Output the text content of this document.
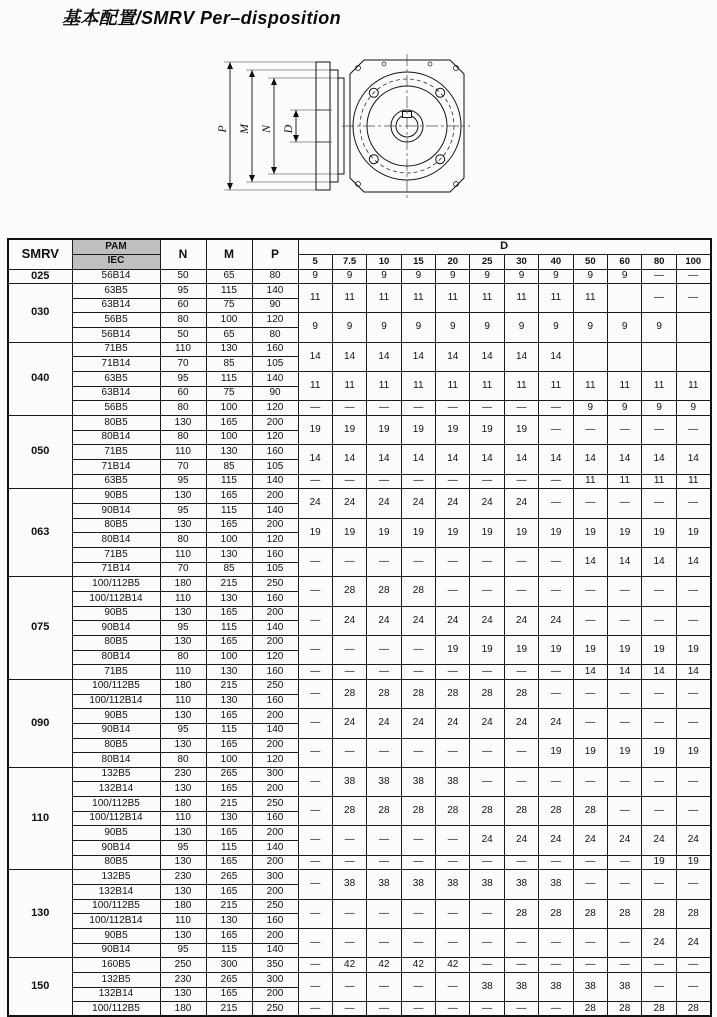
基本配置/SMRV Per–disposition
P M N D
SMRV	PAM	N	M	P	D											
	IEC				5	7.5	10	15	20	25	30	40	50	60	80	100
025	56B14	50	65	80	9	9	9	9	9	9	9	9	9	9	—	—
030	63B5	95	115	140	11	11	11	11	11	11	11	11	11		—	—
	63B14	60	75	90												
	56B5	80	100	120	9	9	9	9	9	9	9	9	9	9	9	
	56B14	50	65	80												
040	71B5	110	130	160	14	14	14	14	14	14	14	14				
	71B14	70	85	105												
	63B5	95	115	140	11	11	11	11	11	11	11	11	11	11	11	11
	63B14	60	75	90												
	56B5	80	100	120	—	—	—	—	—	—	—	—	9	9	9	9
050	80B5	130	165	200	19	19	19	19	19	19	19	—	—	—	—	—
	80B14	80	100	120												
	71B5	110	130	160	14	14	14	14	14	14	14	14	14	14	14	14
	71B14	70	85	105												
	63B5	95	115	140	—	—	—	—	—	—	—	—	11	11	11	11
063	90B5	130	165	200	24	24	24	24	24	24	24	—	—	—	—	—
	90B14	95	115	140												
	80B5	130	165	200	19	19	19	19	19	19	19	19	19	19	19	19
	80B14	80	100	120												
	71B5	110	130	160	—	—	—	—	—	—	—	—	14	14	14	14
	71B14	70	85	105												
075	100/112B5	180	215	250	—	28	28	28	—	—	—	—	—	—	—	—
	100/112B14	110	130	160												
	90B5	130	165	200	—	24	24	24	24	24	24	24	—	—	—	—
	90B14	95	115	140												
	80B5	130	165	200	—	—	—	—	19	19	19	19	19	19	19	19
	80B14	80	100	120												
	71B5	110	130	160	—	—	—	—	—	—	—	—	14	14	14	14
090	100/112B5	180	215	250	—	28	28	28	28	28	28	—	—	—	—	—
	100/112B14	110	130	160												
	90B5	130	165	200	—	24	24	24	24	24	24	24	—	—	—	—
	90B14	95	115	140												
	80B5	130	165	200	—	—	—	—	—	—	—	19	19	19	19	19
	80B14	80	100	120												
110	132B5	230	265	300	—	38	38	38	38	—	—	—	—	—	—	—
	132B14	130	165	200												
	100/112B5	180	215	250	—	28	28	28	28	28	28	28	28	—	—	—
	100/112B14	110	130	160												
	90B5	130	165	200	—	—	—	—	—	24	24	24	24	24	24	24
	90B14	95	115	140												
	80B5	130	165	200	—	—	—	—	—	—	—	—	—	—	19	19
130	132B5	230	265	300	—	38	38	38	38	38	38	38	—	—	—	—
	132B14	130	165	200												
	100/112B5	180	215	250	—	—	—	—	—	—	28	28	28	28	28	28
	100/112B14	110	130	160												
	90B5	130	165	200	—	—	—	—	—	—	—	—	—	—	24	24
	90B14	95	115	140												
150	160B5	250	300	350	—	42	42	42	42	—	—	—	—	—	—	—
	132B5	230	265	300	—	—	—	—	—	38	38	38	38	38	—	—
	132B14	130	165	200												
	100/112B5	180	215	250	—	—	—	—	—	—	—	—	28	28	28	28
